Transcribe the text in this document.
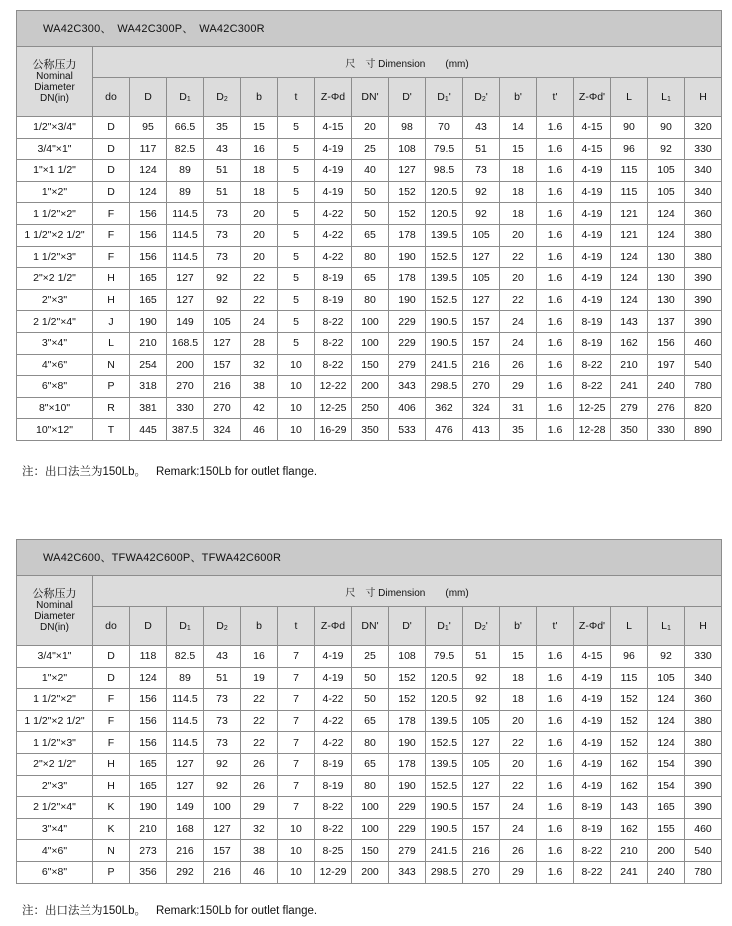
WA42C300、　WA42C300P、　WA42C300R
公称压力
Nominal
Diameter
DN(in)	尺　寸 Dimension　　(mm)																
	do	D	$D_1$	$D_2$	b	t	Z-Φd	DN'	D'	$D_1'$	$D_2'$	b'	t'	Z-Φd'	L	$L_1$	H
1/2"×3/4"	D	95	66.5	35	15	5	4-15	20	98	70	43	14	1.6	4-15	90	90	320
3/4"×1"	D	117	82.5	43	16	5	4-19	25	108	79.5	51	15	1.6	4-15	96	92	330
1"×1 1/2"	D	124	89	51	18	5	4-19	40	127	98.5	73	18	1.6	4-19	115	105	340
1"×2"	D	124	89	51	18	5	4-19	50	152	120.5	92	18	1.6	4-19	115	105	340
1 1/2"×2"	F	156	114.5	73	20	5	4-22	50	152	120.5	92	18	1.6	4-19	121	124	360
1 1/2"×2 1/2"	F	156	114.5	73	20	5	4-22	65	178	139.5	105	20	1.6	4-19	121	124	380
1 1/2"×3"	F	156	114.5	73	20	5	4-22	80	190	152.5	127	22	1.6	4-19	124	130	380
2"×2 1/2"	H	165	127	92	22	5	8-19	65	178	139.5	105	20	1.6	4-19	124	130	390
2"×3"	H	165	127	92	22	5	8-19	80	190	152.5	127	22	1.6	4-19	124	130	390
2 1/2"×4"	J	190	149	105	24	5	8-22	100	229	190.5	157	24	1.6	8-19	143	137	390
3"×4"	L	210	168.5	127	28	5	8-22	100	229	190.5	157	24	1.6	8-19	162	156	460
4"×6"	N	254	200	157	32	10	8-22	150	279	241.5	216	26	1.6	8-22	210	197	540
6"×8"	P	318	270	216	38	10	12-22	200	343	298.5	270	29	1.6	8-22	241	240	780
8"×10"	R	381	330	270	42	10	12-25	250	406	362	324	31	1.6	12-25	279	276	820
10"×12"	T	445	387.5	324	46	10	16-29	350	533	476	413	35	1.6	12-28	350	330	890
注：出口法兰为150Lb。 Remark:150Lb for outlet flange.
WA42C600、TFWA42C600P、TFWA42C600R
公称压力
Nominal
Diameter
DN(in)	尺　寸 Dimension　　(mm)																
	do	D	$D_1$	$D_2$	b	t	Z-Φd	DN'	D'	$D_1'$	$D_2'$	b'	t'	Z-Φd'	L	$L_1$	H
3/4"×1"	D	118	82.5	43	16	7	4-19	25	108	79.5	51	15	1.6	4-15	96	92	330
1"×2"	D	124	89	51	19	7	4-19	50	152	120.5	92	18	1.6	4-19	115	105	340
1 1/2"×2"	F	156	114.5	73	22	7	4-22	50	152	120.5	92	18	1.6	4-19	152	124	360
1 1/2"×2 1/2"	F	156	114.5	73	22	7	4-22	65	178	139.5	105	20	1.6	4-19	152	124	380
1 1/2"×3"	F	156	114.5	73	22	7	4-22	80	190	152.5	127	22	1.6	4-19	152	124	380
2"×2 1/2"	H	165	127	92	26	7	8-19	65	178	139.5	105	20	1.6	4-19	162	154	390
2"×3"	H	165	127	92	26	7	8-19	80	190	152.5	127	22	1.6	4-19	162	154	390
2 1/2"×4"	K	190	149	100	29	7	8-22	100	229	190.5	157	24	1.6	8-19	143	165	390
3"×4"	K	210	168	127	32	10	8-22	100	229	190.5	157	24	1.6	8-19	162	155	460
4"×6"	N	273	216	157	38	10	8-25	150	279	241.5	216	26	1.6	8-22	210	200	540
6"×8"	P	356	292	216	46	10	12-29	200	343	298.5	270	29	1.6	8-22	241	240	780
注：出口法兰为150Lb。 Remark:150Lb for outlet flange.
